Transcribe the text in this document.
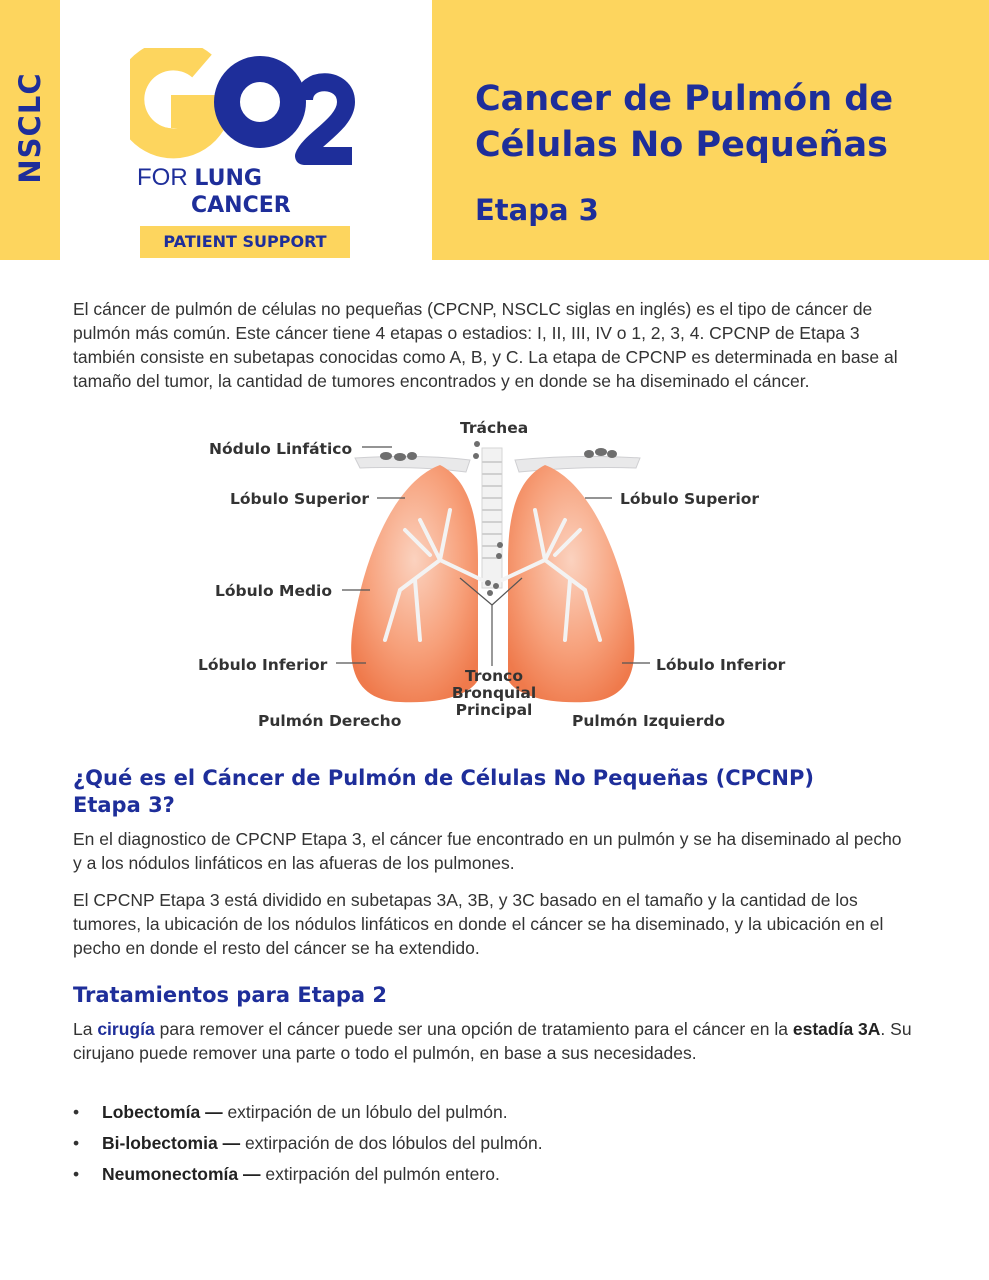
NSCLC	FOR LUNG
CANCER
PATIENT SUPPORT
Cancer de Pulmón de
Células No Pequeñas
Etapa 3
El cáncer de pulmón de células no pequeñas (CPCNP, NSCLC siglas en inglés) es el tipo de cáncer de pulmón más común. Este cáncer tiene 4 etapas o estadios: I, II, III, IV o 1, 2, 3, 4. CPCNP de Etapa 3 también consiste en subetapas conocidas como A, B, y C. La etapa de CPCNP es determinada en base al tamaño del tumor, la cantidad de tumores encontrados y en donde se ha diseminado el cáncer.
Tráchea
Nódulo Linfático
Lóbulo Superior	Lóbulo Superior
Lóbulo Medio
Lóbulo Inferior	Lóbulo Inferior
Tronco
Bronquial
Principal
Pulmón Derecho	Pulmón Izquierdo
¿Qué es el Cáncer de Pulmón de Células No Pequeñas (CPCNP)
Etapa 3?
En el diagnostico de CPCNP Etapa 3, el cáncer fue encontrado en un pulmón y se ha diseminado al pecho y a los nódulos linfáticos en las afueras de los pulmones.
El CPCNP Etapa 3 está dividido en subetapas 3A, 3B, y 3C basado en el tamaño y la cantidad de los tumores, la ubicación de los nódulos linfáticos en donde el cáncer se ha diseminado, y la ubicación en el pecho en donde el resto del cáncer se ha extendido.
Tratamientos para Etapa 2
La cirugía para remover el cáncer puede ser una opción de tratamiento para el cáncer en la estadía 3A. Su cirujano puede remover una parte o todo el pulmón, en base a sus necesidades.
• Lobectomía — extirpación de un lóbulo del pulmón.
• Bi-lobectomia — extirpación de dos lóbulos del pulmón.
• Neumonectomía — extirpación del pulmón entero.
